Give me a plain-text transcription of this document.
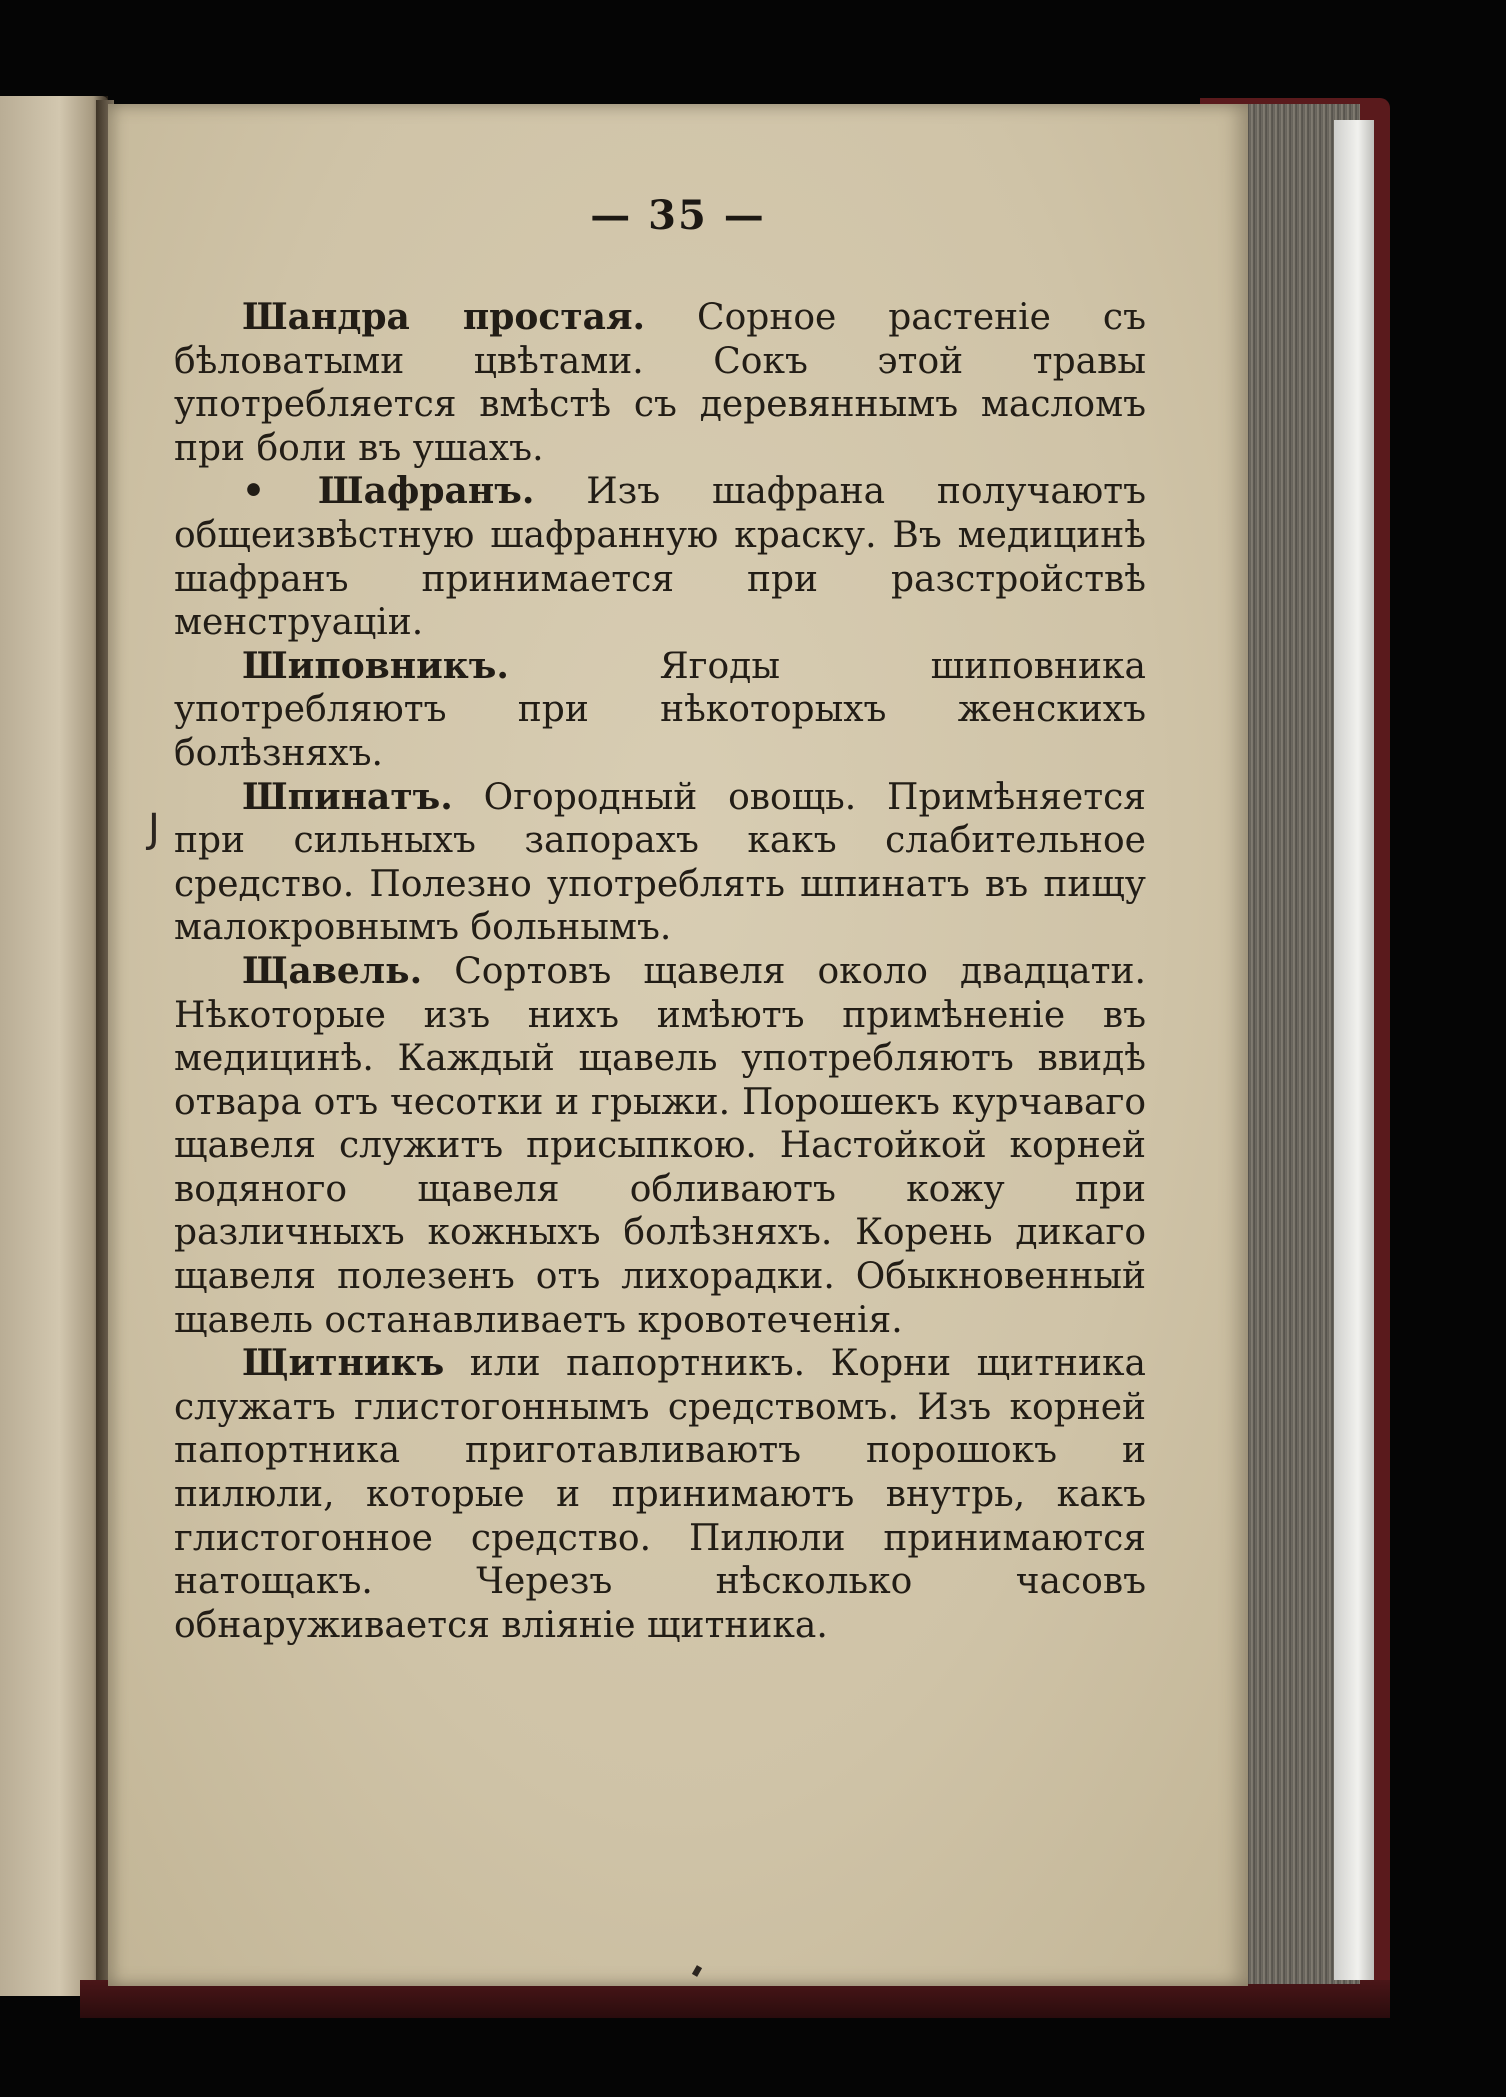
— 35 —

Шандра простая. Сорное растенiе съ бѣловатыми цвѣтами. Сокъ этой травы употребляется вмѣстѣ съ деревяннымъ масломъ при боли въ ушахъ.

• Шафранъ. Изъ шафрана получаютъ общеизвѣстную шафранную краску. Въ медицинѣ шафранъ принимается при разстройствѣ менструацiи.

Шиповникъ. Ягоды шиповника употребляютъ при нѣкоторыхъ женскихъ болѣзняхъ.

Шпинатъ. Огородный овощь. Примѣняется при сильныхъ запорахъ какъ слабительное средство. Полезно употреблять шпинатъ въ пищу малокровнымъ больнымъ.

Щавель. Сортовъ щавеля около двадцати. Нѣкоторые изъ нихъ имѣютъ примѣненiе въ медицинѣ. Каждый щавель употребляютъ ввидѣ отвара отъ чесотки и грыжи. Порошекъ курчаваго щавеля служитъ присыпкою. Настойкой корней водяного щавеля обливаютъ кожу при различныхъ кожныхъ болѣзняхъ. Корень дикаго щавеля полезенъ отъ лихорадки. Обыкновенный щавель останавливаетъ кровотеченiя.

Щитникъ или папортникъ. Корни щитника служатъ глистогоннымъ средствомъ. Изъ корней папортника приготавливаютъ порошокъ и пилюли, которые и принимаютъ внутрь, какъ глистогонное средство. Пилюли принимаются натощакъ. Черезъ нѣсколько часовъ обнаруживается влiянiе щитника.

J
